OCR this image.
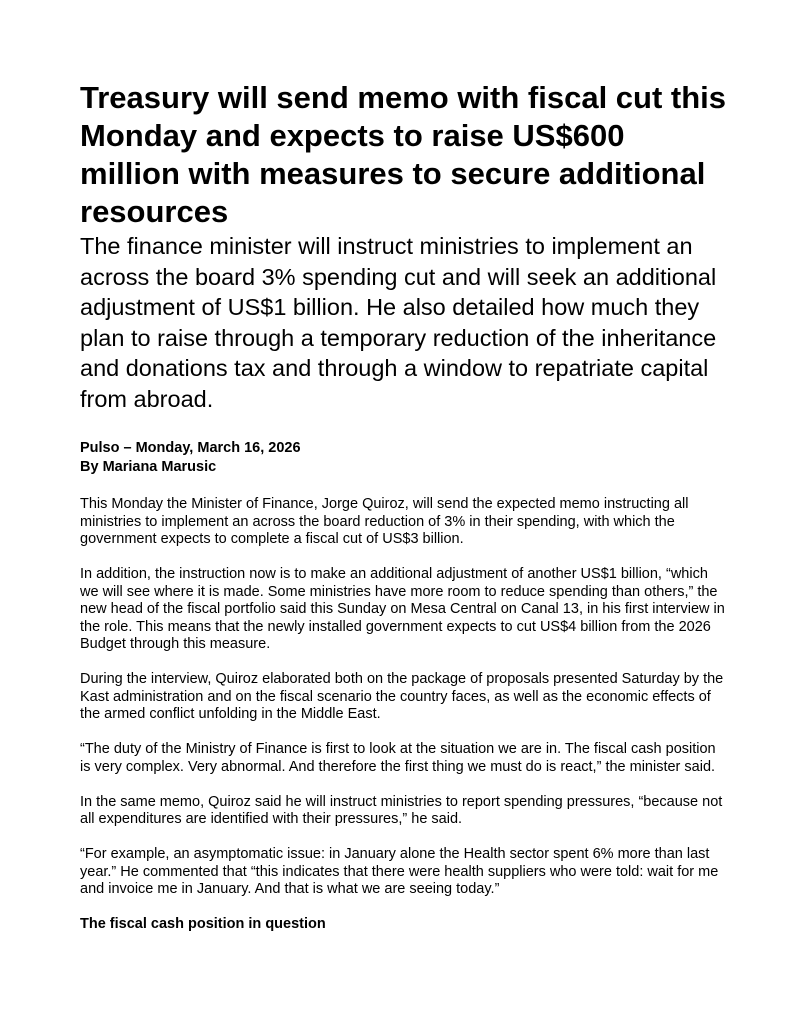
Treasury will send memo with fiscal cut this Monday and expects to raise US$600 million with measures to secure additional resources
The finance minister will instruct ministries to implement an across the board 3% spending cut and will seek an additional adjustment of US$1 billion. He also detailed how much they plan to raise through a temporary reduction of the inheritance and donations tax and through a window to repatriate capital from abroad.
Pulso – Monday, March 16, 2026
By Mariana Marusic

This Monday the Minister of Finance, Jorge Quiroz, will send the expected memo instructing all ministries to implement an across the board reduction of 3% in their spending, with which the government expects to complete a fiscal cut of US$3 billion.

In addition, the instruction now is to make an additional adjustment of another US$1 billion, “which we will see where it is made. Some ministries have more room to reduce spending than others,” the new head of the fiscal portfolio said this Sunday on Mesa Central on Canal 13, in his first interview in the role. This means that the newly installed government expects to cut US$4 billion from the 2026 Budget through this measure.

During the interview, Quiroz elaborated both on the package of proposals presented Saturday by the Kast administration and on the fiscal scenario the country faces, as well as the economic effects of the armed conflict unfolding in the Middle East.

“The duty of the Ministry of Finance is first to look at the situation we are in. The fiscal cash position is very complex. Very abnormal. And therefore the first thing we must do is react,” the minister said.

In the same memo, Quiroz said he will instruct ministries to report spending pressures, “because not all expenditures are identified with their pressures,” he said.

“For example, an asymptomatic issue: in January alone the Health sector spent 6% more than last year.” He commented that “this indicates that there were health suppliers who were told: wait for me and invoice me in January. And that is what we are seeing today.”

The fiscal cash position in question
